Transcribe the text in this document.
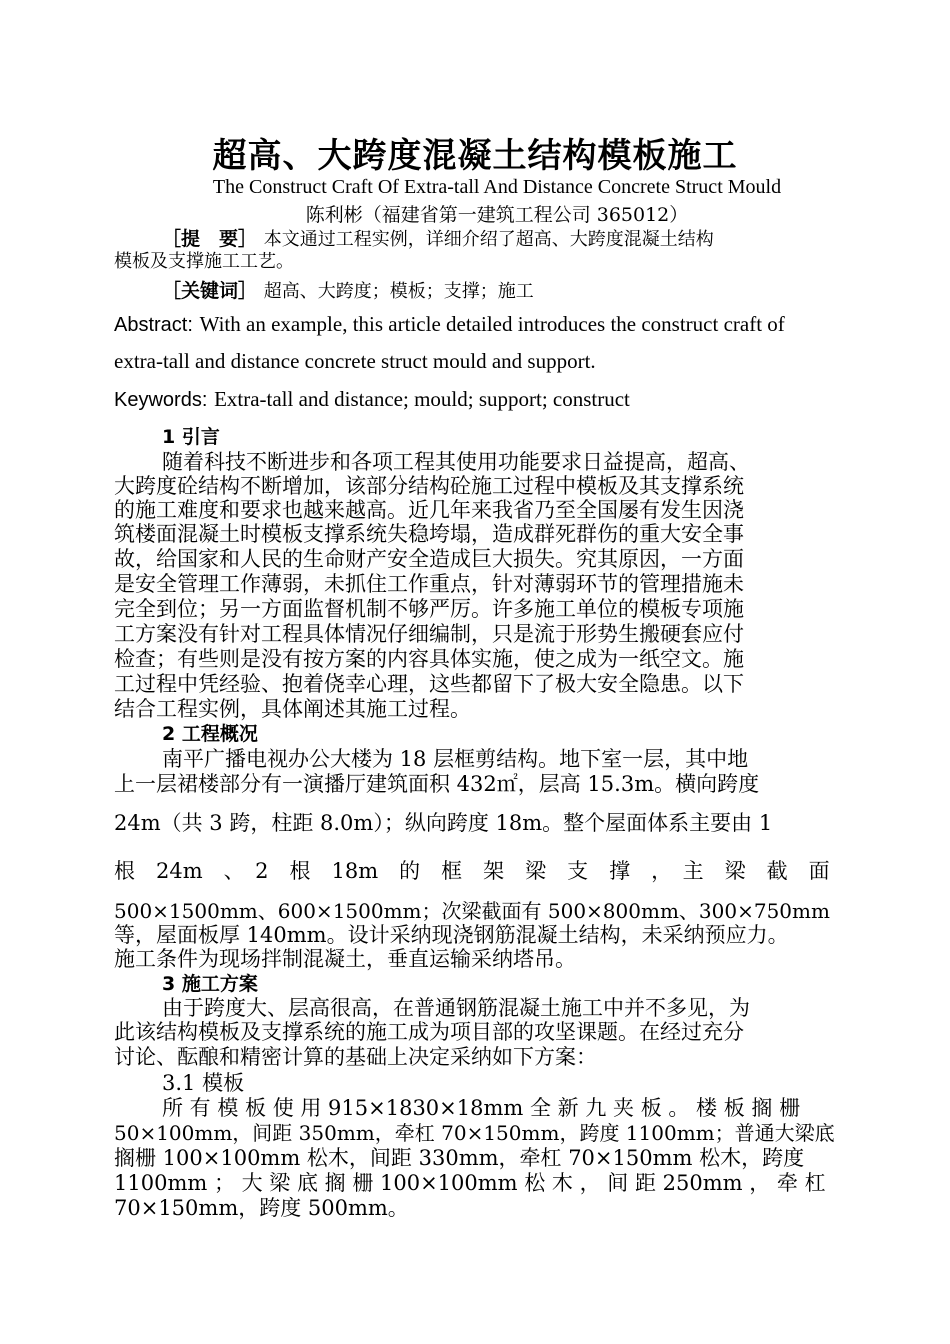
超高、大跨度混凝土结构模板施工
The Construct Craft Of Extra-tall And Distance Concrete Struct Mould
陈利彬（福建省第一建筑工程公司 365012）
［提　要］ 本文通过工程实例，详细介绍了超高、大跨度混凝土结构
模板及支撑施工工艺。
［关键词］ 超高、大跨度；模板；支撑；施工
Abstract: With an example, this article detailed introduces the construct craft of
extra-tall and distance concrete struct mould and support.
Keywords: Extra-tall and distance; mould; support; construct
1 引言
随着科技不断进步和各项工程其使用功能要求日益提高，超高、
大跨度砼结构不断增加，该部分结构砼施工过程中模板及其支撑系统
的施工难度和要求也越来越高。近几年来我省乃至全国屡有发生因浇
筑楼面混凝土时模板支撑系统失稳垮塌，造成群死群伤的重大安全事
故，给国家和人民的生命财产安全造成巨大损失。究其原因，一方面
是安全管理工作薄弱，未抓住工作重点，针对薄弱环节的管理措施未
完全到位；另一方面监督机制不够严厉。许多施工单位的模板专项施
工方案没有针对工程具体情况仔细编制，只是流于形势生搬硬套应付
检查；有些则是没有按方案的内容具体实施，使之成为一纸空文。施
工过程中凭经验、抱着侥幸心理，这些都留下了极大安全隐患。以下
结合工程实例，具体阐述其施工过程。
2 工程概况
南平广播电视办公大楼为 18 层框剪结构。地下室一层，其中地
上一层裙楼部分有一演播厅建筑面积 432㎡，层高 15.3m。横向跨度
24m（共 3 跨，柱距 8.0m）；纵向跨度 18m。整个屋面体系主要由 1
根　24m　、　2　根　18m　的　框　架　梁　支　撑　，　主　梁　截　面
500×1500mm、600×1500mm；次梁截面有 500×800mm、300×750mm
等，屋面板厚 140mm。设计采纳现浇钢筋混凝土结构，未采纳预应力。
施工条件为现场拌制混凝土，垂直运输采纳塔吊。
3 施工方案
由于跨度大、层高很高，在普通钢筋混凝土施工中并不多见，为
此该结构模板及支撑系统的施工成为项目部的攻坚课题。在经过充分
讨论、酝酿和精密计算的基础上决定采纳如下方案：
3.1 模板
所 有 模 板 使 用 915×1830×18mm 全 新 九 夹 板 。 楼 板 搁 栅
50×100mm，间距 350mm，牵杠 70×150mm，跨度 1100mm；普通大梁底
搁栅 100×100mm 松木，间距 330mm，牵杠 70×150mm 松木，跨度
1100mm ； 大 梁 底 搁 栅 100×100mm 松 木 ， 间 距 250mm ， 牵 杠
70×150mm，跨度 500mm。
